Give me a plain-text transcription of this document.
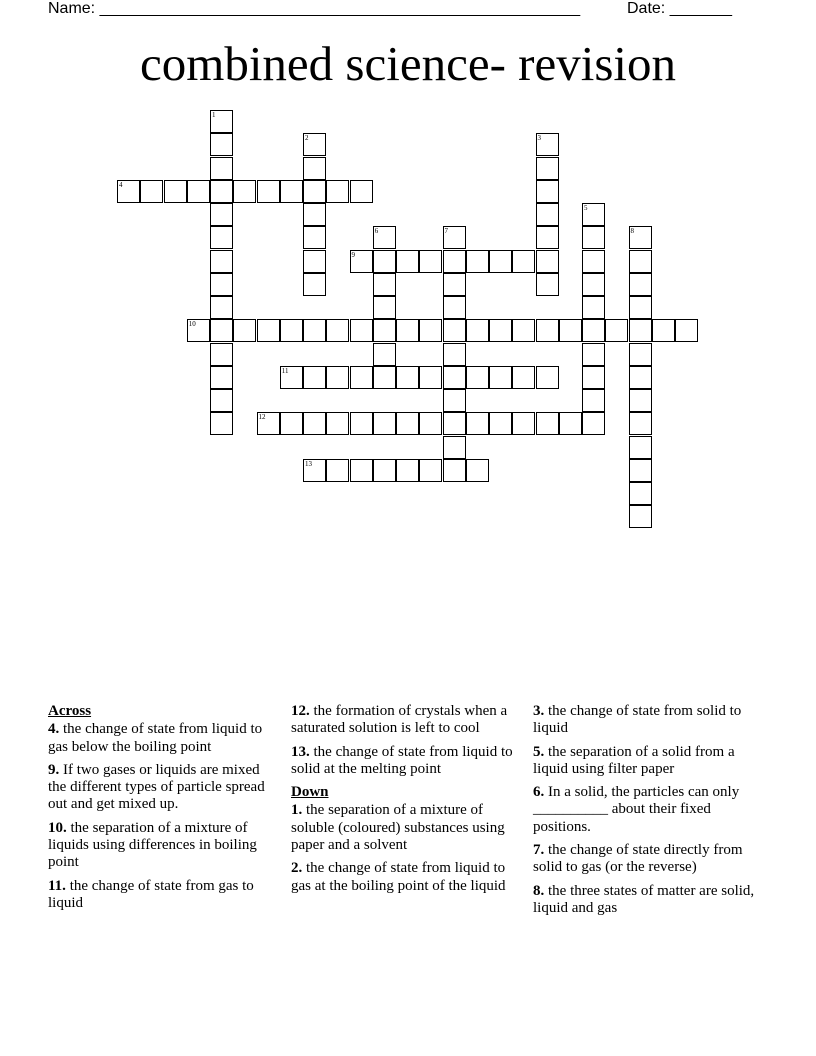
Name: ______________________________________________________	Date: _______
combined science- revision
1
2	3
4
5
6	7	8
9
10
11
12
13
Across
4. the change of state from liquid to gas below the boiling point
9. If two gases or liquids are mixed the different types of particle spread out and get mixed up.
10. the separation of a mixture of liquids using differences in boiling point
11. the change of state from gas to liquid
12. the formation of crystals when a saturated solution is left to cool
13. the change of state from liquid to solid at the melting point
Down
1. the separation of a mixture of soluble (coloured) substances using paper and a solvent
2. the change of state from liquid to gas at the boiling point of the liquid
3. the change of state from solid to liquid
5. the separation of a solid from a liquid using filter paper
6. In a solid, the particles can only __________ about their fixed positions.
7. the change of state directly from solid to gas (or the reverse)
8. the three states of matter are solid, liquid and gas
